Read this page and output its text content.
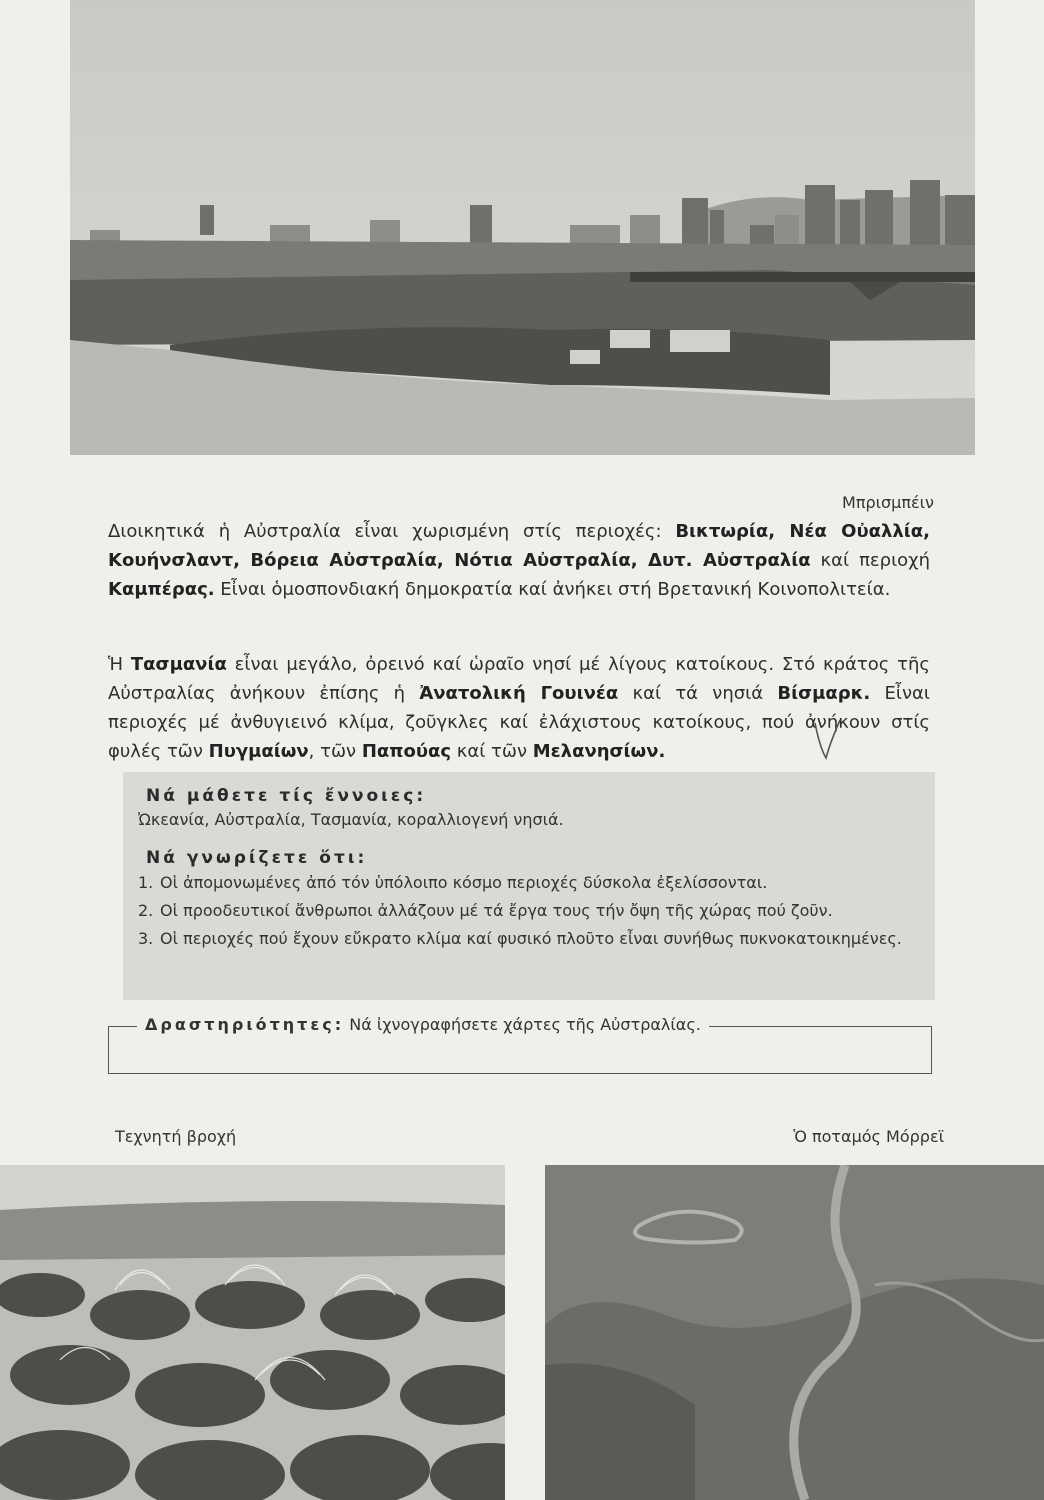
Μπρισμπέιν
Διοικητικά ἡ Αὐστραλία εἶναι χωρισμένη στίς περιοχές: Βικτωρία, Νέα Οὐαλλία, Κουήνσλαντ, Βόρεια Αὐστραλία, Νότια Αὐστραλία, Δυτ. Αὐστραλία καί περιοχή Καμπέρας. Εἶναι ὁμοσπονδιακή δημοκρατία καί ἀνήκει στή Βρετανική Κοινοπολιτεία.
Ἡ Τασμανία εἶναι μεγάλο, ὀρεινό καί ὡραῖο νησί μέ λίγους κατοίκους. Στό κράτος τῆς Αὐστραλίας ἀνήκουν ἐπίσης ἡ Ἀνατολική Γουινέα καί τά νησιά Βίσμαρκ. Εἶναι περιοχές μέ ἀνθυγιεινό κλίμα, ζοῦγκλες καί ἐλάχιστους κατοίκους, πού ἀνήκουν στίς φυλές τῶν Πυγμαίων, τῶν Παπούας καί τῶν Μελανησίων.
Νά μάθετε τίς ἔννοιες:
Ὠκεανία, Αὐστραλία, Τασμανία, κοραλλιογενή νησιά.
Νά γνωρίζετε ὅτι:
1. Οἱ ἀπομονωμένες ἀπό τόν ὑπόλοιπο κόσμο περιοχές δύσκολα ἐξελίσσονται.
2. Οἱ προοδευτικοί ἄνθρωποι ἀλλάζουν μέ τά ἔργα τους τήν ὄψη τῆς χώρας πού ζοῦν.
3. Οἱ περιοχές πού ἔχουν εὔκρατο κλίμα καί φυσικό πλοῦτο εἶναι συνήθως πυκνοκατοικημένες.
Δραστηριότητες: Νά ἰχνογραφήσετε χάρτες τῆς Αὐστραλίας.
Τεχνητή βροχή	Ὁ ποταμός Μόρρεϊ
